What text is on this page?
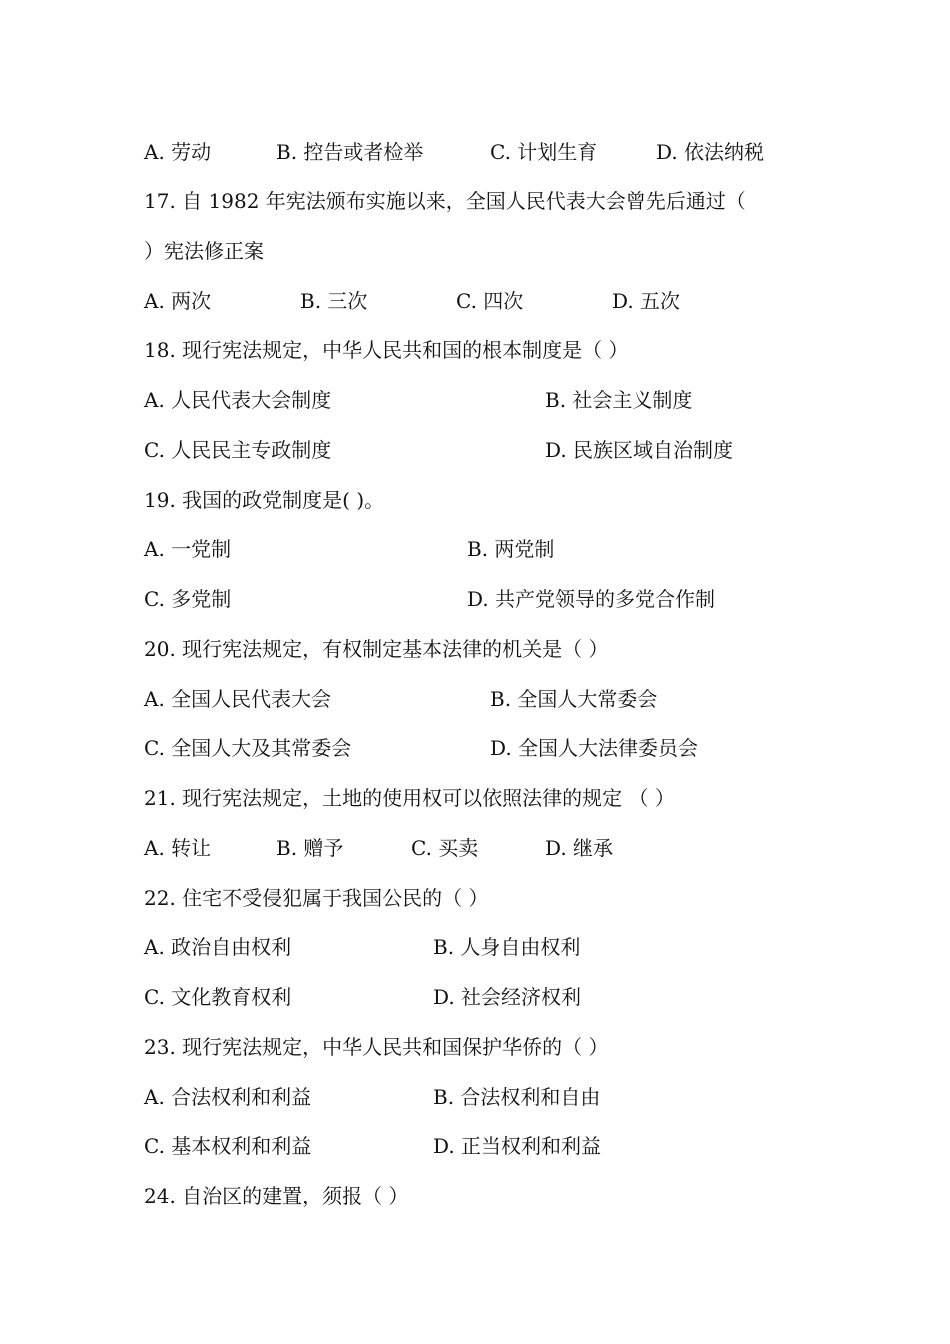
A. 劳动	B. 控告或者检举	C. 计划生育	D. 依法纳税
17. 自 1982 年宪法颁布实施以来，全国人民代表大会曾先后通过（
）宪法修正案
A. 两次	B. 三次	C. 四次	D. 五次
18. 现行宪法规定，中华人民共和国的根本制度是（ ）
A. 人民代表大会制度	B. 社会主义制度
C. 人民民主专政制度	D. 民族区域自治制度
19. 我国的政党制度是( )。
A. 一党制	B. 两党制
C. 多党制	D. 共产党领导的多党合作制
20. 现行宪法规定，有权制定基本法律的机关是（ ）
A. 全国人民代表大会	B. 全国人大常委会
C. 全国人大及其常委会	D. 全国人大法律委员会
21. 现行宪法规定，土地的使用权可以依照法律的规定 （ ）
A. 转让	B. 赠予	C. 买卖	D. 继承
22. 住宅不受侵犯属于我国公民的（ ）
A. 政治自由权利	B. 人身自由权利
C. 文化教育权利	D. 社会经济权利
23. 现行宪法规定，中华人民共和国保护华侨的（ ）
A. 合法权利和利益	B. 合法权利和自由
C. 基本权利和利益	D. 正当权利和利益
24. 自治区的建置，须报（ ）
